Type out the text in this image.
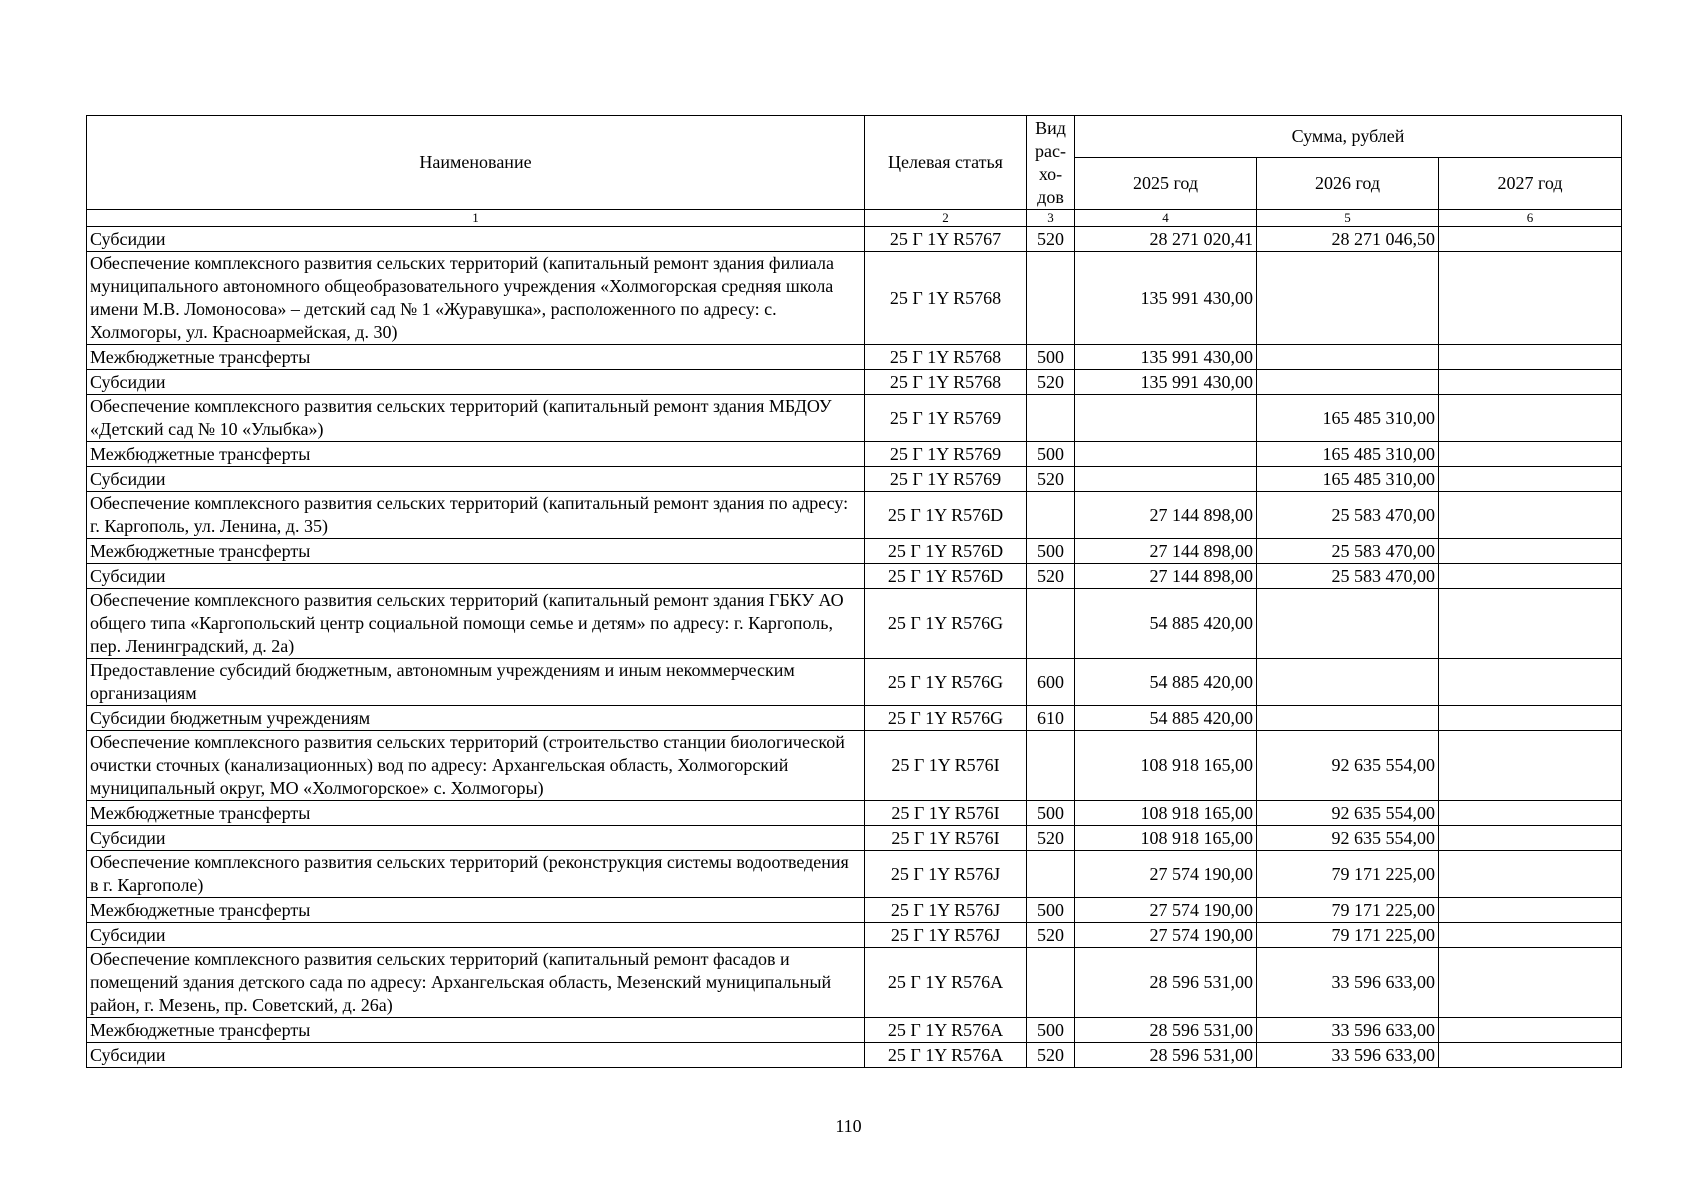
Наименование	Целевая статья	Вид рас-хо-дов	Сумма, рублей		
			2025 год	2026 год	2027 год
1	2	3	4	5	6
Субсидии	25 Г 1Y R5767	520	28 271 020,41	28 271 046,50	
Обеспечение комплексного развития сельских территорий (капитальный ремонт здания филиала муниципального автономного общеобразовательного учреждения «Холмогорская средняя школа имени М.В. Ломоносова» – детский сад № 1 «Журавушка», расположенного по адресу: с. Холмогоры, ул. Красноармейская, д. 30)	25 Г 1Y R5768		135 991 430,00		
Межбюджетные трансферты	25 Г 1Y R5768	500	135 991 430,00		
Субсидии	25 Г 1Y R5768	520	135 991 430,00		
Обеспечение комплексного развития сельских территорий (капитальный ремонт здания МБДОУ «Детский сад № 10 «Улыбка»)	25 Г 1Y R5769			165 485 310,00	
Межбюджетные трансферты	25 Г 1Y R5769	500		165 485 310,00	
Субсидии	25 Г 1Y R5769	520		165 485 310,00	
Обеспечение комплексного развития сельских территорий (капитальный ремонт здания по адресу: г. Каргополь, ул. Ленина, д. 35)	25 Г 1Y R576D		27 144 898,00	25 583 470,00	
Межбюджетные трансферты	25 Г 1Y R576D	500	27 144 898,00	25 583 470,00	
Субсидии	25 Г 1Y R576D	520	27 144 898,00	25 583 470,00	
Обеспечение комплексного развития сельских территорий (капитальный ремонт здания ГБКУ АО общего типа «Каргопольский центр социальной помощи семье и детям» по адресу: г. Каргополь, пер. Ленинградский, д. 2а)	25 Г 1Y R576G		54 885 420,00		
Предоставление субсидий бюджетным, автономным учреждениям и иным некоммерческим организациям	25 Г 1Y R576G	600	54 885 420,00		
Субсидии бюджетным учреждениям	25 Г 1Y R576G	610	54 885 420,00		
Обеспечение комплексного развития сельских территорий (строительство станции биологической очистки сточных (канализационных) вод по адресу: Архангельская область, Холмогорский муниципальный округ, МО «Холмогорское» с. Холмогоры)	25 Г 1Y R576I		108 918 165,00	92 635 554,00	
Межбюджетные трансферты	25 Г 1Y R576I	500	108 918 165,00	92 635 554,00	
Субсидии	25 Г 1Y R576I	520	108 918 165,00	92 635 554,00	
Обеспечение комплексного развития сельских территорий (реконструкция системы водоотведения в г. Каргополе)	25 Г 1Y R576J		27 574 190,00	79 171 225,00	
Межбюджетные трансферты	25 Г 1Y R576J	500	27 574 190,00	79 171 225,00	
Субсидии	25 Г 1Y R576J	520	27 574 190,00	79 171 225,00	
Обеспечение комплексного развития сельских территорий (капитальный ремонт фасадов и помещений здания детского сада по адресу: Архангельская область, Мезенский муниципальный район, г. Мезень, пр. Советский, д. 26а)	25 Г 1Y R576A		28 596 531,00	33 596 633,00	
Межбюджетные трансферты	25 Г 1Y R576A	500	28 596 531,00	33 596 633,00	
Субсидии	25 Г 1Y R576A	520	28 596 531,00	33 596 633,00	
110
